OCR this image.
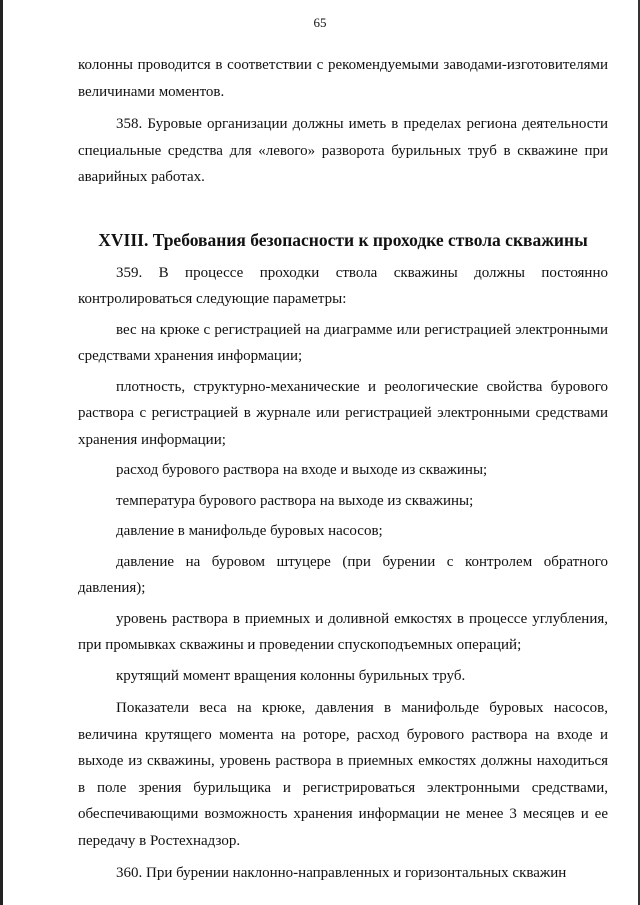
65

колонны проводится в соответствии с рекомендуемыми заводами-изготовителями величинами моментов.

358. Буровые организации должны иметь в пределах региона деятельности специальные средства для «левого» разворота бурильных труб в скважине при аварийных работах.

XVIII. Требования безопасности к проходке ствола скважины

359. В процессе проходки ствола скважины должны постоянно контролироваться следующие параметры:

вес на крюке с регистрацией на диаграмме или регистрацией электронными средствами хранения информации;

плотность, структурно-механические и реологические свойства бурового раствора с регистрацией в журнале или регистрацией электронными средствами хранения информации;

расход бурового раствора на входе и выходе из скважины;

температура бурового раствора на выходе из скважины;

давление в манифольде буровых насосов;

давление на буровом штуцере (при бурении с контролем обратного давления);

уровень раствора в приемных и доливной емкостях в процессе углубления, при промывках скважины и проведении спускоподъемных операций;

крутящий момент вращения колонны бурильных труб.

Показатели веса на крюке, давления в манифольде буровых насосов, величина крутящего момента на роторе, расход бурового раствора на входе и выходе из скважины, уровень раствора в приемных емкостях должны находиться в поле зрения бурильщика и регистрироваться электронными средствами, обеспечивающими возможность хранения информации не менее 3 месяцев и ее передачу в Ростехнадзор.

360. При бурении наклонно-направленных и горизонтальных скважин
